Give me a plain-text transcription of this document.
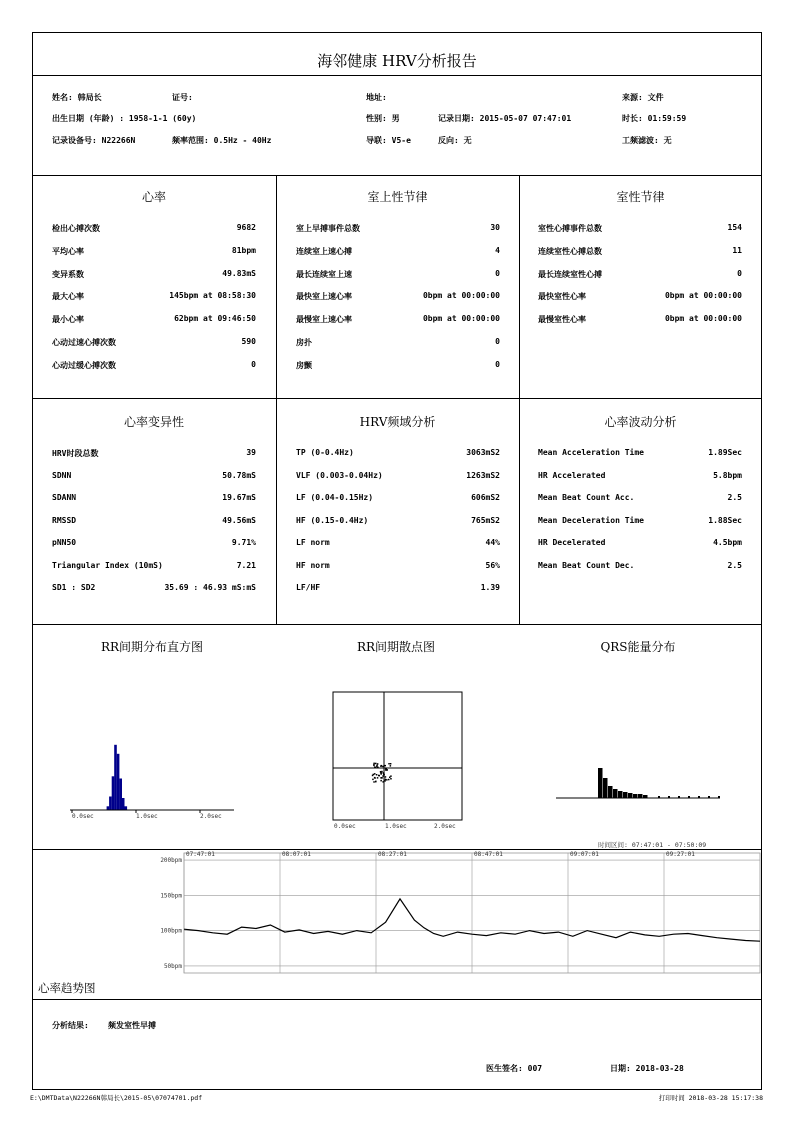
海邻健康 HRV分析报告
姓名: 韩局长	证号:	地址:	来源: 文件
出生日期 (年龄) : 1958-1-1 (60y)	性别: 男	记录日期: 2015-05-07 07:47:01	时长: 01:59:59
记录设备号: N22266N	频率范围: 0.5Hz - 40Hz	导联: V5-e	反向: 无	工频滤波: 无
心率	室上性节律	室性节律
检出心搏次数	9682
平均心率	81bpm
变异系数	49.83mS
最大心率	145bpm at 08:58:30
最小心率	62bpm at 09:46:50
心动过速心搏次数	590
心动过缓心搏次数	0
室上早搏事件总数	30
连续室上速心搏	4
最长连续室上速	0
最快室上速心率	0bpm at 00:00:00
最慢室上速心率	0bpm at 00:00:00
房扑	0
房颤	0
室性心搏事件总数	154
连续室性心搏总数	11
最长连续室性心搏	0
最快室性心率	0bpm at 00:00:00
最慢室性心率	0bpm at 00:00:00
心率变异性	HRV频域分析	心率波动分析
HRV时段总数	39
SDNN	50.78mS
SDANN	19.67mS
RMSSD	49.56mS
pNN50	9.71%
Triangular Index (10mS)	7.21
SD1 : SD2	35.69 : 46.93 mS:mS
TP (0-0.4Hz)	3063mS2
VLF (0.003-0.04Hz)	1263mS2
LF (0.04-0.15Hz)	606mS2
HF (0.15-0.4Hz)	765mS2
LF norm	44%
HF norm	56%
LF/HF	1.39
Mean Acceleration Time	1.89Sec
HR Accelerated	5.8bpm
Mean Beat Count Acc.	2.5
Mean Deceleration Time	1.88Sec
HR Decelerated	4.5bpm
Mean Beat Count Dec.	2.5
RR间期分布直方图	RR间期散点图	QRS能量分布
0.0sec	1.0sec	2.0sec
0.0sec	1.0sec	2.0sec
时间区间: 07:47:01 - 07:50:09
200bpm
150bpm
100bpm
50bpm
07:47:01	08:07:01	08:27:01	08:47:01	09:07:01	09:27:01
心率趋势图
分析结果: 频发室性早搏
医生签名: 007	日期: 2018-03-28
E:\DMTData\N22266N韩局长\2015-05\07074701.pdf	打印时间 2018-03-28 15:17:38
